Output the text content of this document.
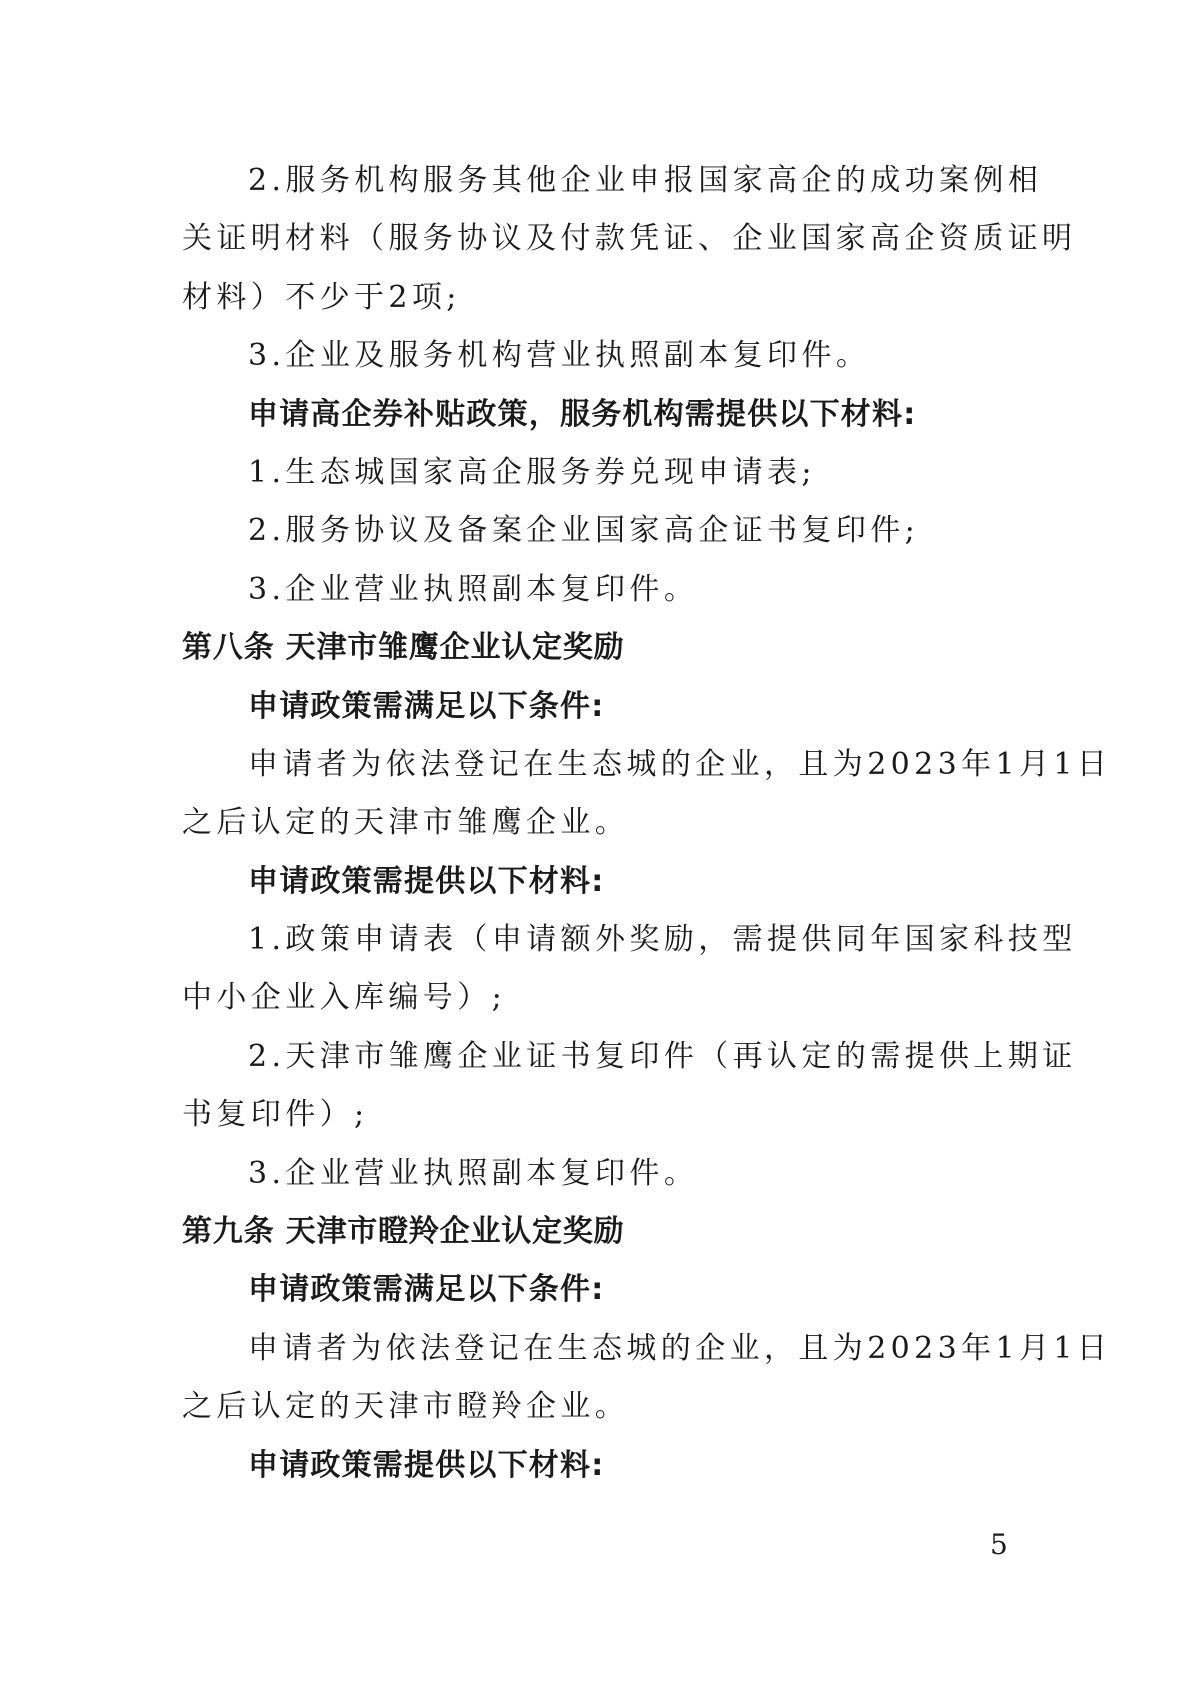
2.服务机构服务其他企业申报国家高企的成功案例相
关证明材料（服务协议及付款凭证、企业国家高企资质证明
材料）不少于2项;
3.企业及服务机构营业执照副本复印件。
申请高企券补贴政策，服务机构需提供以下材料:
1.生态城国家高企服务券兑现申请表;
2.服务协议及备案企业国家高企证书复印件;
3.企业营业执照副本复印件。
第八条 天津市雏鹰企业认定奖励
申请政策需满足以下条件:
申请者为依法登记在生态城的企业，且为2023年1月1日
之后认定的天津市雏鹰企业。
申请政策需提供以下材料:
1.政策申请表（申请额外奖励，需提供同年国家科技型
中小企业入库编号）;
2.天津市雏鹰企业证书复印件（再认定的需提供上期证
书复印件）;
3.企业营业执照副本复印件。
第九条 天津市瞪羚企业认定奖励
申请政策需满足以下条件:
申请者为依法登记在生态城的企业，且为2023年1月1日
之后认定的天津市瞪羚企业。
申请政策需提供以下材料:
5
